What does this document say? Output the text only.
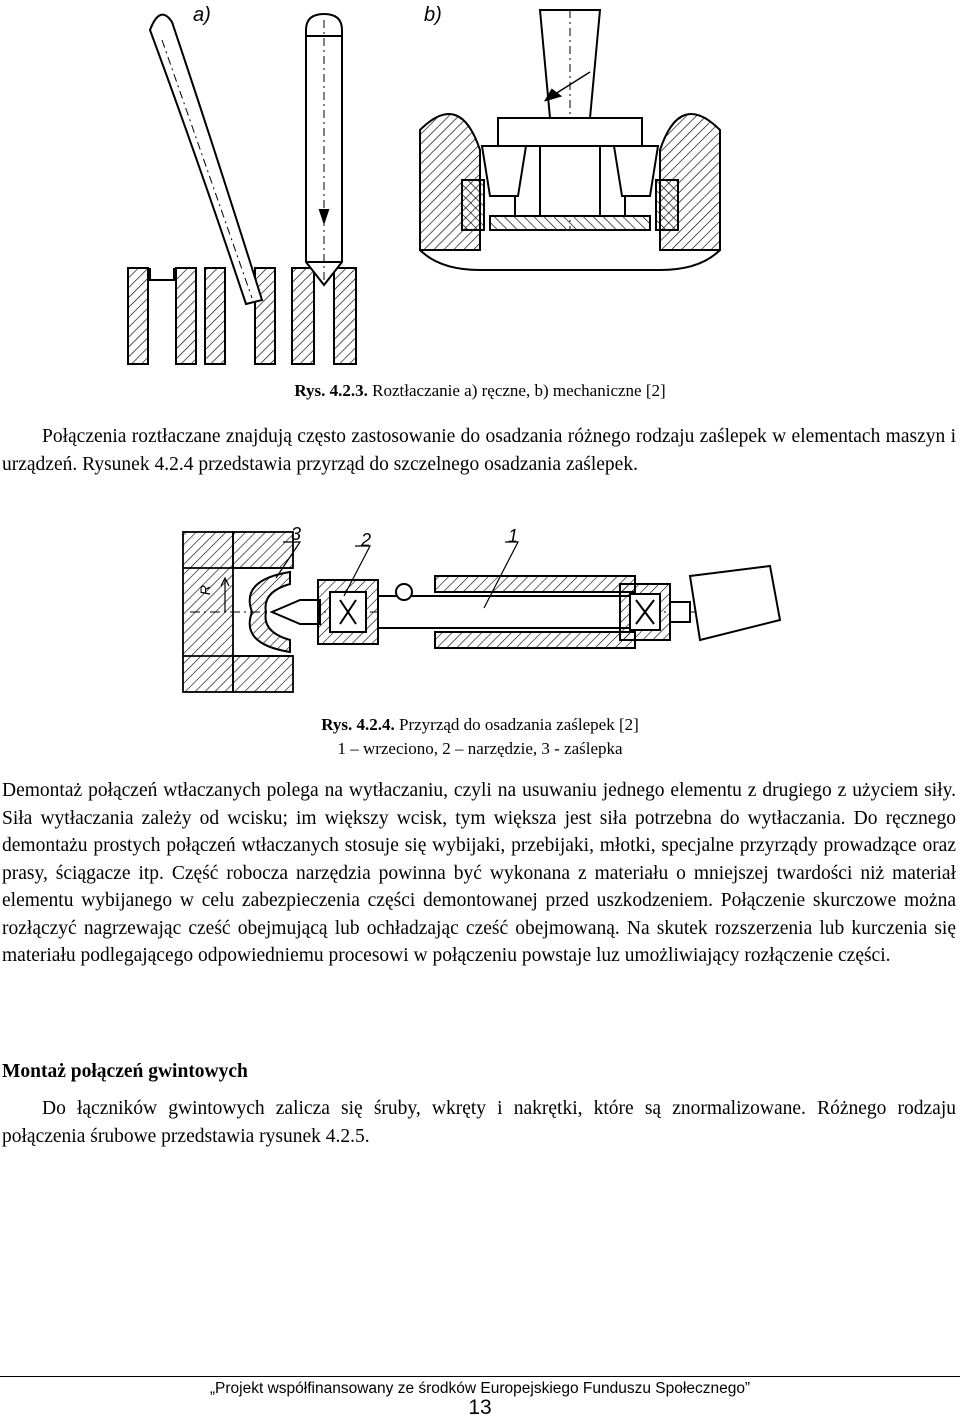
a)	b)
Rys. 4.2.3. Roztłaczanie a) ręczne, b) mechaniczne [2]
Połączenia roztłaczane znajdują często zastosowanie do osadzania różnego rodzaju zaślepek w elementach maszyn i urządzeń. Rysunek 4.2.4 przedstawia przyrząd do szczelnego osadzania zaślepek.
3	2	1
R
Rys. 4.2.4. Przyrząd do osadzania zaślepek [2]
1 – wrzeciono, 2 – narzędzie, 3 - zaślepka
Demontaż połączeń wtłaczanych polega na wytłaczaniu, czyli na usuwaniu jednego elementu z drugiego z użyciem siły. Siła wytłaczania zależy od wcisku; im większy wcisk, tym większa jest siła potrzebna do wytłaczania. Do ręcznego demontażu prostych połączeń wtłaczanych stosuje się wybijaki, przebijaki, młotki, specjalne przyrządy prowadzące oraz prasy, ściągacze itp. Część robocza narzędzia powinna być wykonana z materiału o mniejszej twardości niż materiał elementu wybijanego w celu zabezpieczenia części demontowanej przed uszkodzeniem. Połączenie skurczowe można rozłączyć nagrzewając cześć obejmującą lub ochładzając cześć obejmowaną. Na skutek rozszerzenia lub kurczenia się materiału podlegającego odpowiedniemu procesowi w połączeniu powstaje luz umożliwiający rozłączenie części.
Montaż połączeń gwintowych
Do łączników gwintowych zalicza się śruby, wkręty i nakrętki, które są znormalizowane. Różnego rodzaju połączenia śrubowe przedstawia rysunek 4.2.5.
„Projekt współfinansowany ze środków Europejskiego Funduszu Społecznego”
13
